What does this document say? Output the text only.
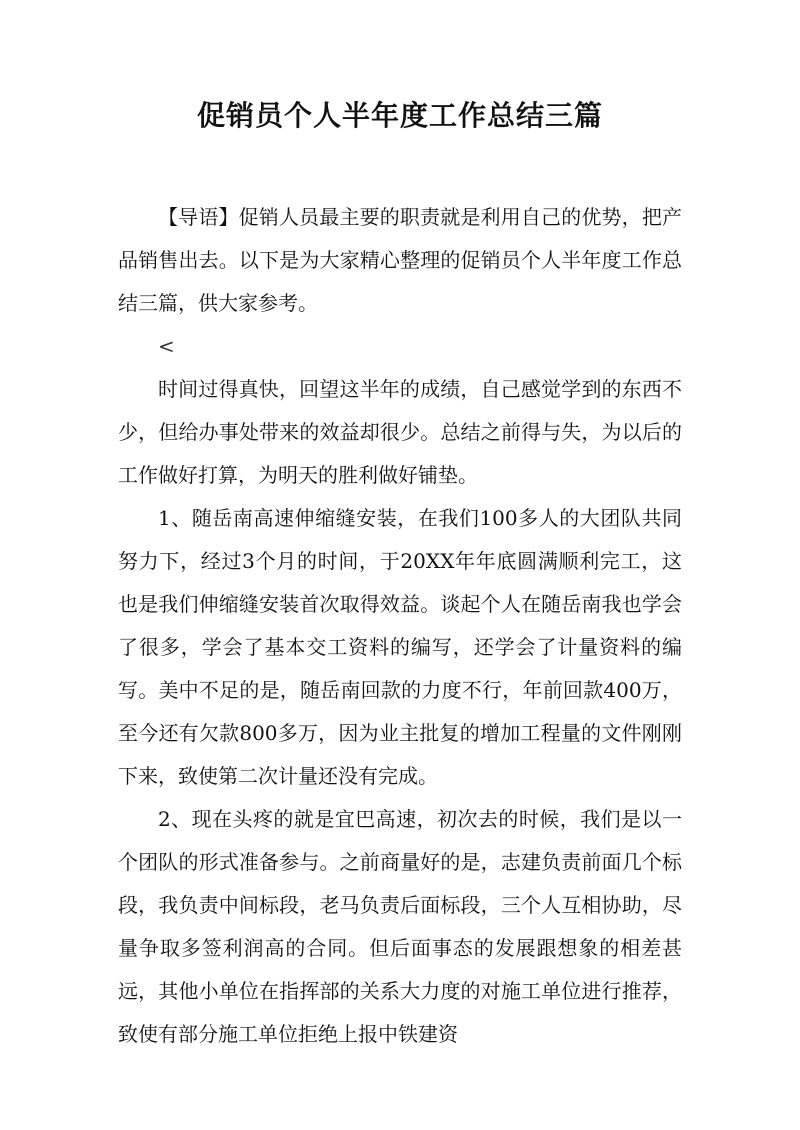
促销员个人半年度工作总结三篇

【导语】促销人员最主要的职责就是利用自己的优势，把产品销售出去。以下是为大家精心整理的促销员个人半年度工作总结三篇，供大家参考。

<

时间过得真快，回望这半年的成绩，自己感觉学到的东西不少，但给办事处带来的效益却很少。总结之前得与失，为以后的工作做好打算，为明天的胜利做好铺垫。

1、随岳南高速伸缩缝安装，在我们100多人的大团队共同努力下，经过3个月的时间，于20XX年年底圆满顺利完工，这也是我们伸缩缝安装首次取得效益。谈起个人在随岳南我也学会了很多，学会了基本交工资料的编写，还学会了计量资料的编写。美中不足的是，随岳南回款的力度不行，年前回款400万，至今还有欠款800多万，因为业主批复的增加工程量的文件刚刚下来，致使第二次计量还没有完成。

2、现在头疼的就是宜巴高速，初次去的时候，我们是以一个团队的形式准备参与。之前商量好的是，志建负责前面几个标段，我负责中间标段，老马负责后面标段，三个人互相协助，尽量争取多签利润高的合同。但后面事态的发展跟想象的相差甚远，其他小单位在指挥部的关系大力度的对施工单位进行推荐，致使有部分施工单位拒绝上报中铁建资
